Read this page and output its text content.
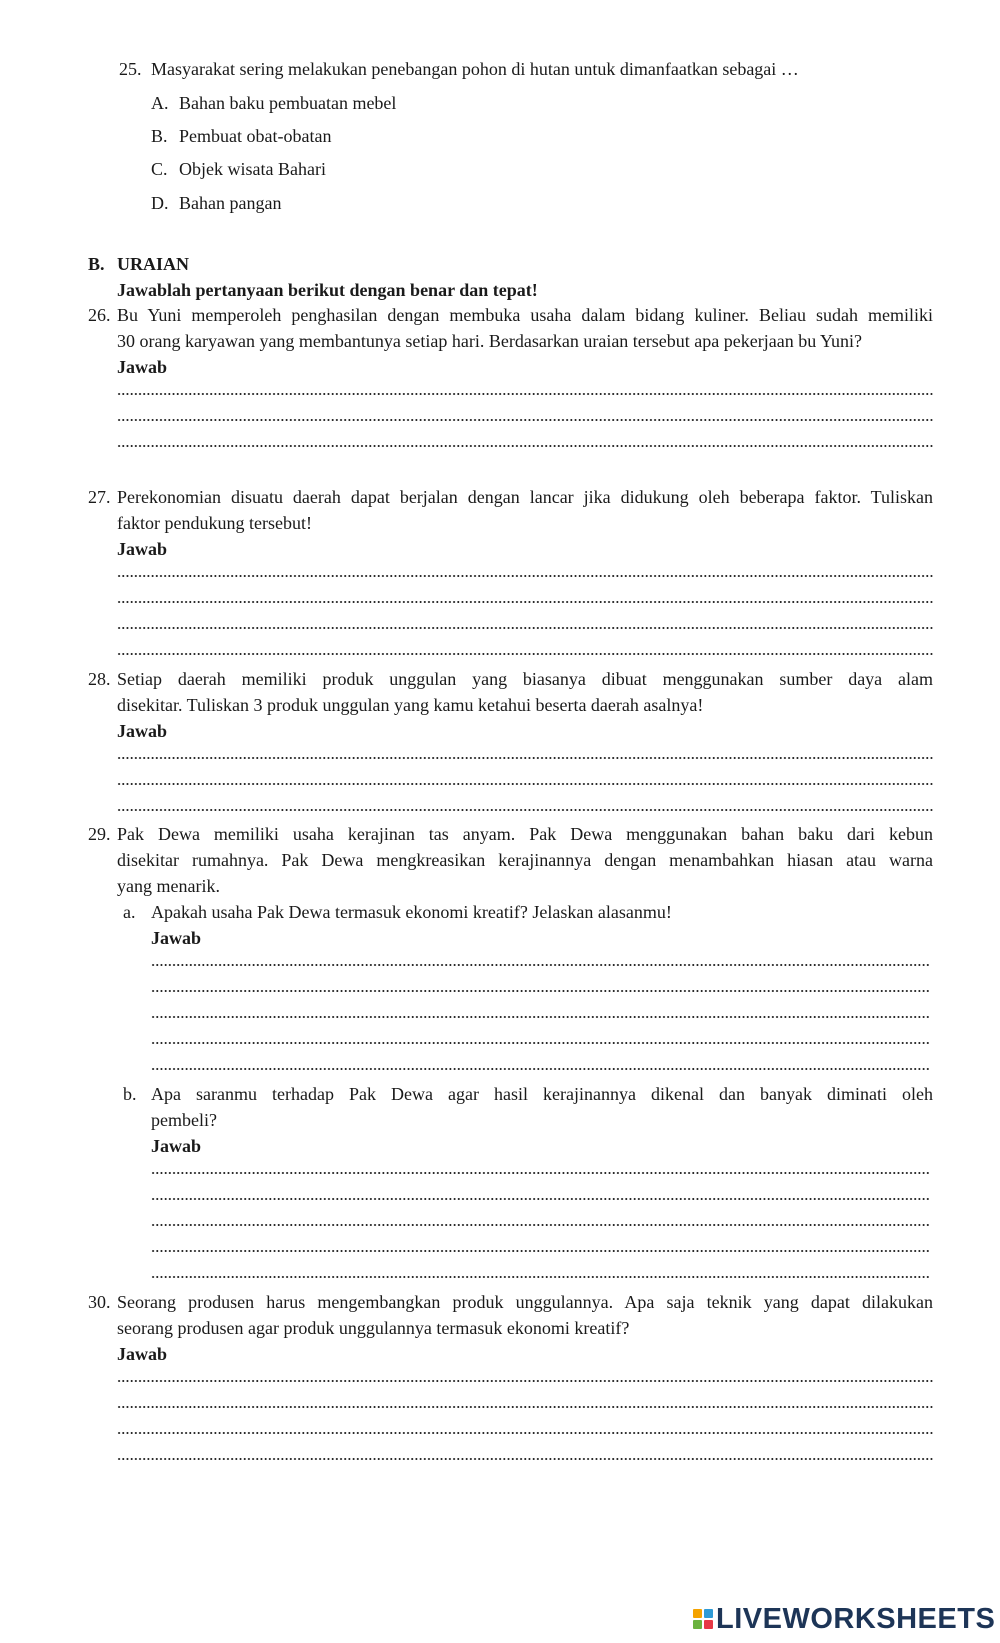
25. Masyarakat sering melakukan penebangan pohon di hutan untuk dimanfaatkan sebagai …
A. Bahan baku pembuatan mebel
B. Pembuat obat-obatan
C. Objek wisata Bahari
D. Bahan pangan
B. URAIAN
Jawablah pertanyaan berikut dengan benar dan tepat!
26. Bu Yuni memperoleh penghasilan dengan membuka usaha dalam bidang kuliner. Beliau sudah memiliki
30 orang karyawan yang membantunya setiap hari. Berdasarkan uraian tersebut apa pekerjaan bu Yuni?
Jawab
27. Perekonomian disuatu daerah dapat berjalan dengan lancar jika didukung oleh beberapa faktor. Tuliskan
faktor pendukung tersebut!
Jawab
28. Setiap daerah memiliki produk unggulan yang biasanya dibuat menggunakan sumber daya alam
disekitar. Tuliskan 3 produk unggulan yang kamu ketahui beserta daerah asalnya!
Jawab
29. Pak Dewa memiliki usaha kerajinan tas anyam. Pak Dewa menggunakan bahan baku dari kebun
disekitar rumahnya. Pak Dewa mengkreasikan kerajinannya dengan menambahkan hiasan atau warna
yang menarik.
a. Apakah usaha Pak Dewa termasuk ekonomi kreatif? Jelaskan alasanmu!
Jawab
b. Apa saranmu terhadap Pak Dewa agar hasil kerajinannya dikenal dan banyak diminati oleh
pembeli?
Jawab
30. Seorang produsen harus mengembangkan produk unggulannya. Apa saja teknik yang dapat dilakukan
seorang produsen agar produk unggulannya termasuk ekonomi kreatif?
Jawab
LIVEWORKSHEETS
